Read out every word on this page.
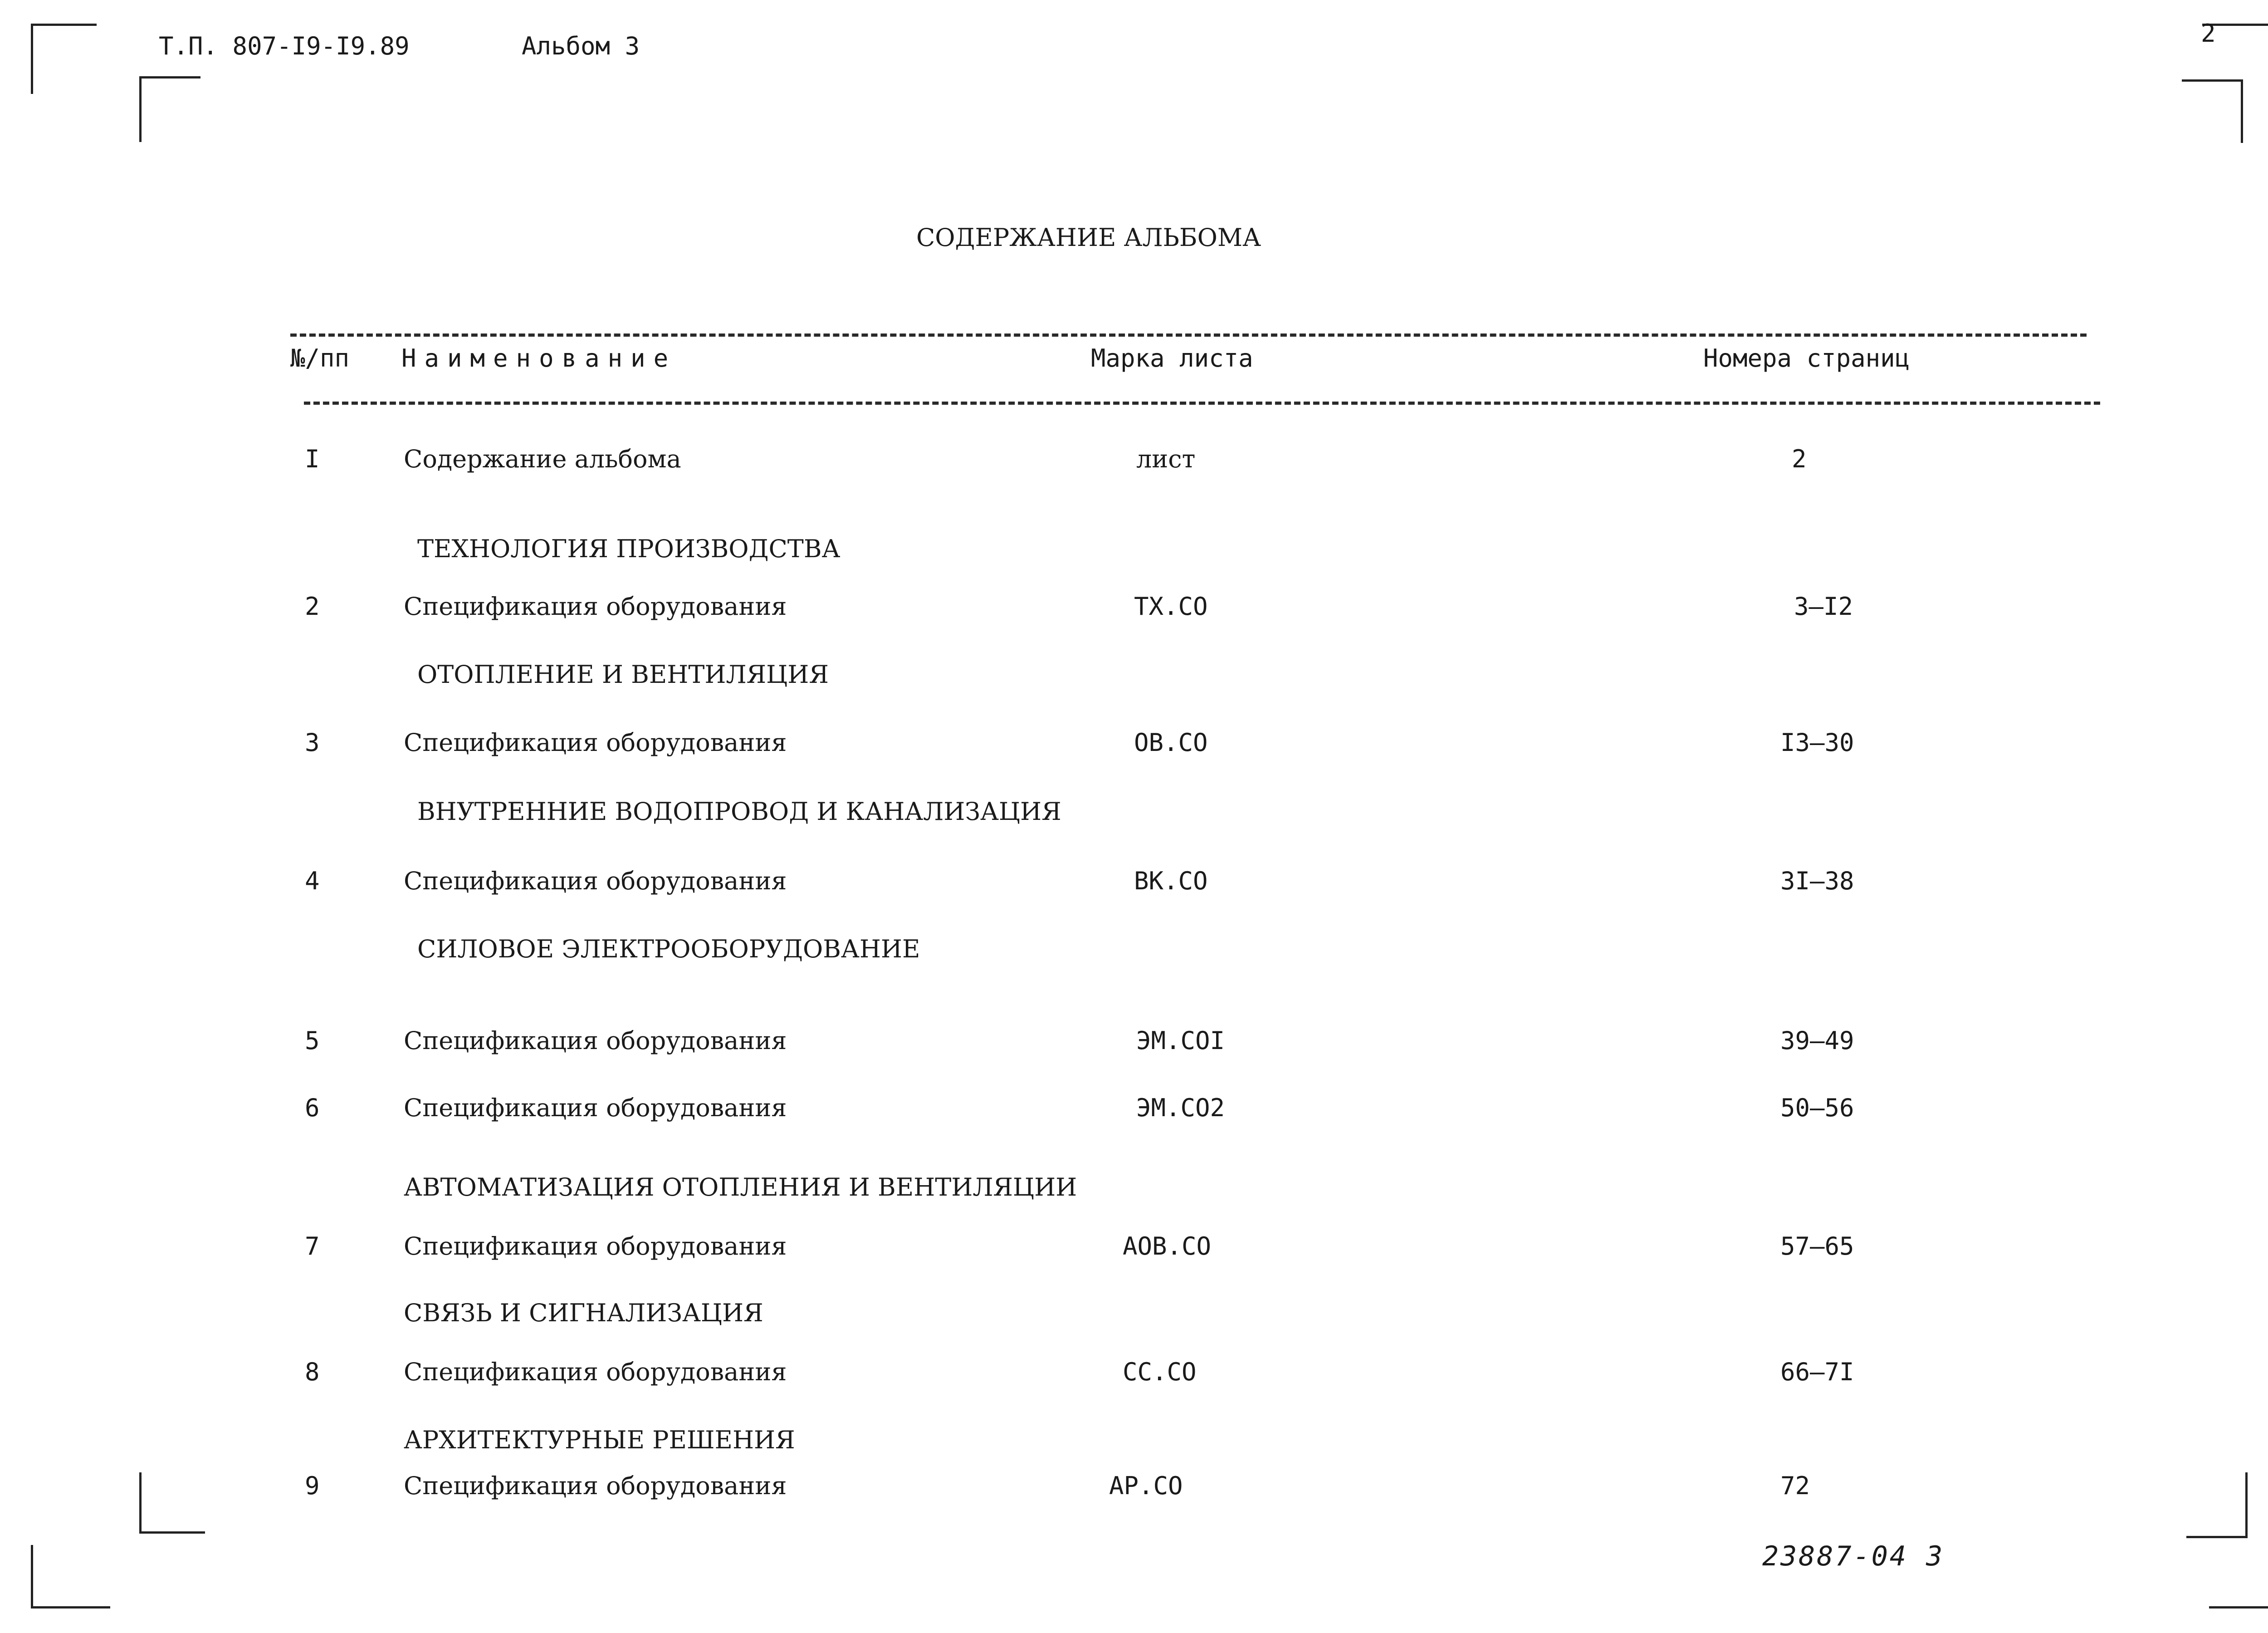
Т.П. 807-I9-I9.89	Альбом 3	2
СОДЕРЖАНИЕ АЛЬБОМА
№/пп Наименование	Марка листа	Номера страниц
I	Содержание альбома	лист	2
ТЕХНОЛОГИЯ ПРОИЗВОДСТВА
2	Спецификация оборудования	ТХ.СО	3–I2
ОТОПЛЕНИЕ И ВЕНТИЛЯЦИЯ
3	Спецификация оборудования	ОВ.СО	I3–30
ВНУТРЕННИЕ ВОДОПРОВОД И КАНАЛИЗАЦИЯ
4	Спецификация оборудования	ВК.СО	3I–38
СИЛОВОЕ ЭЛЕКТРООБОРУДОВАНИЕ
5	Спецификация оборудования	ЭМ.СОI	39–49
6	Спецификация оборудования	ЭМ.СО2	50–56
АВТОМАТИЗАЦИЯ ОТОПЛЕНИЯ И ВЕНТИЛЯЦИИ
7	Спецификация оборудования	АОВ.СО	57–65
СВЯЗЬ И СИГНАЛИЗАЦИЯ
8	Спецификация оборудования	СС.СО	66–7I
АРХИТЕКТУРНЫЕ РЕШЕНИЯ
9	Спецификация оборудования	АР.СО	72
23887-04 3
